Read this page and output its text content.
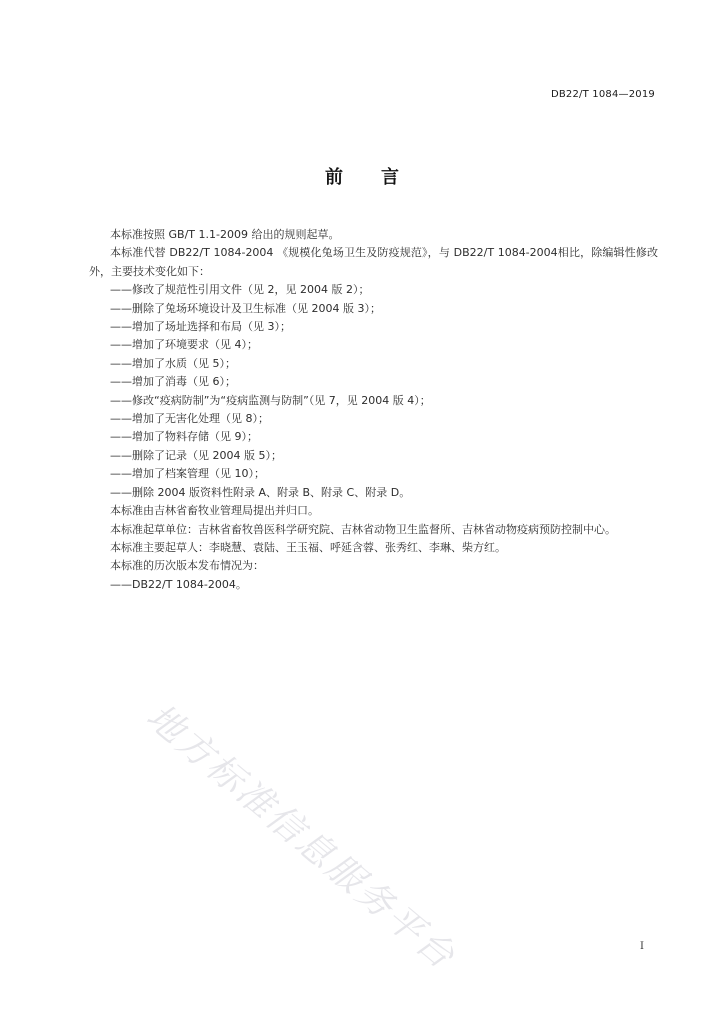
DB22/T 1084—2019
前 言

本标准按照 GB/T 1.1-2009 给出的规则起草。

本标准代替 DB22/T 1084-2004 《规模化兔场卫生及防疫规范》，与 DB22/T 1084-2004相比，除编辑性修改外，主要技术变化如下：

——修改了规范性引用文件（见 2，见 2004 版 2）；

——删除了兔场环境设计及卫生标准（见 2004 版 3）；

——增加了场址选择和布局（见 3）；

——增加了环境要求（见 4）；

——增加了水质（见 5）；

——增加了消毒（见 6）；

——修改“疫病防制”为“疫病监测与防制”（见 7，见 2004 版 4）；

——增加了无害化处理（见 8）；

——增加了物料存储（见 9）；

——删除了记录（见 2004 版 5）；

——增加了档案管理（见 10）；

——删除 2004 版资料性附录 A、附录 B、附录 C、附录 D。

本标准由吉林省畜牧业管理局提出并归口。

本标准起草单位：吉林省畜牧兽医科学研究院、吉林省动物卫生监督所、吉林省动物疫病预防控制中心。

本标准主要起草人：李晓慧、袁陆、王玉福、呼延含蓉、张秀红、李琳、柴方红。

本标准的历次版本发布情况为：

——DB22/T 1084-2004。

地方标准信息服务平台	I
